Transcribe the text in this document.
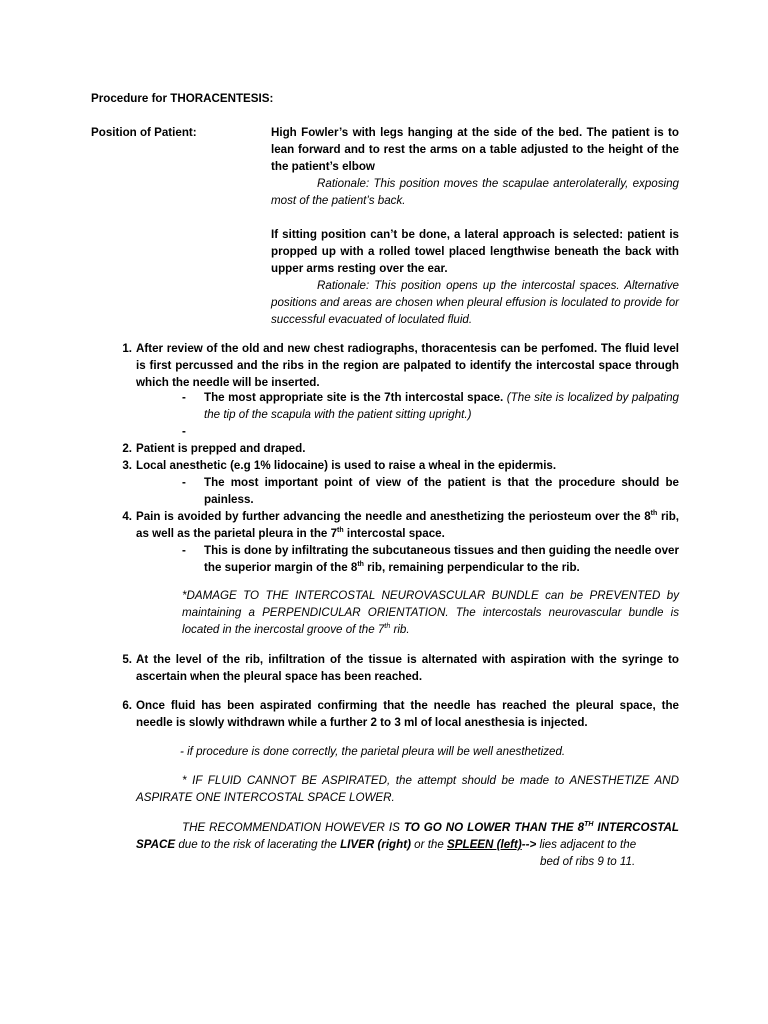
Procedure for THORACENTESIS:
Position of Patient:	High Fowler’s with legs hanging at the side of the bed. The patient is to lean forward and to rest the arms on a table adjusted to the height of the the patient’s elbow
Rationale: This position moves the scapulae anterolaterally, exposing most of the patient’s back.
If sitting position can’t be done, a lateral approach is selected: patient is propped up with a rolled towel placed lengthwise beneath the back with upper arms resting over the ear.
Rationale: This position opens up the intercostal spaces. Alternative positions and areas are chosen when pleural effusion is loculated to provide for successful evacuated of loculated fluid.
1. After review of the old and new chest radiographs, thoracentesis can be perfomed. The fluid level is first percussed and the ribs in the region are palpated to identify the intercostal space through which the needle will be inserted.
- The most appropriate site is the 7th intercostal space. (The site is localized by palpating the tip of the scapula with the patient sitting upright.)
-
2. Patient is prepped and draped.
3. Local anesthetic (e.g 1% lidocaine) is used to raise a wheal in the epidermis.
- The most important point of view of the patient is that the procedure should be painless.
4. Pain is avoided by further advancing the needle and anesthetizing the periosteum over the 8th rib, as well as the parietal pleura in the 7th intercostal space.
- This is done by infiltrating the subcutaneous tissues and then guiding the needle over the superior margin of the 8th rib, remaining perpendicular to the rib.
*DAMAGE TO THE INTERCOSTAL NEUROVASCULAR BUNDLE can be PREVENTED by maintaining a PERPENDICULAR ORIENTATION. The intercostals neurovascular bundle is located in the inercostal groove of the 7th rib.
5. At the level of the rib, infiltration of the tissue is alternated with aspiration with the syringe to ascertain when the pleural space has been reached.
6. Once fluid has been aspirated confirming that the needle has reached the pleural space, the needle is slowly withdrawn while a further 2 to 3 ml of local anesthesia is injected.
- if procedure is done correctly, the parietal pleura will be well anesthetized.
* IF FLUID CANNOT BE ASPIRATED, the attempt should be made to ANESTHETIZE AND ASPIRATE ONE INTERCOSTAL SPACE LOWER.
THE RECOMMENDATION HOWEVER IS TO GO NO LOWER THAN THE 8TH INTERCOSTAL SPACE due to the risk of lacerating the LIVER (right) or the SPLEEN (left)--> lies adjacent to the
bed of ribs 9 to 11.
